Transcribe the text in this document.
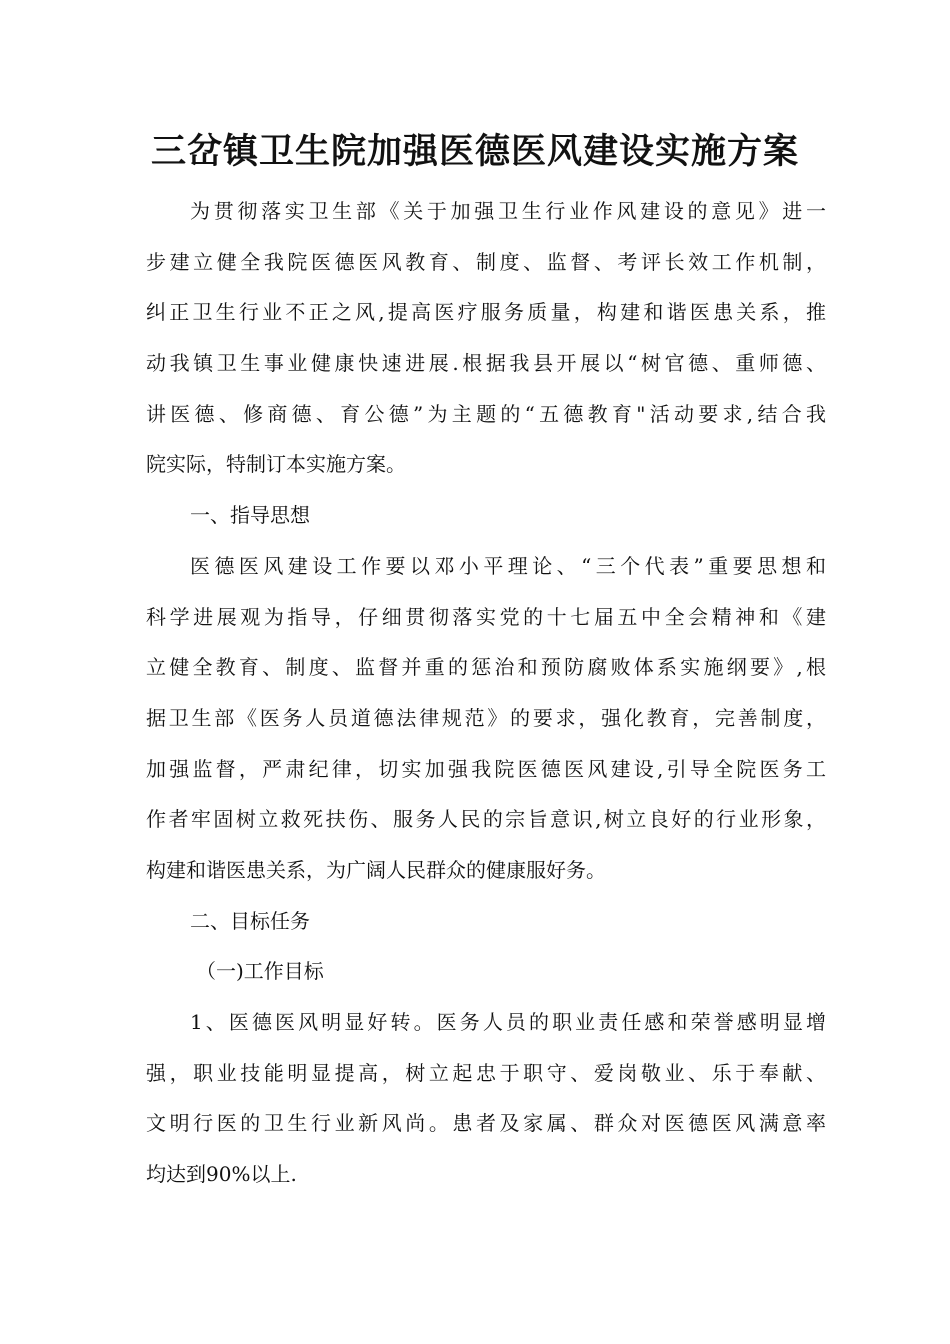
三岔镇卫生院加强医德医风建设实施方案
为贯彻落实卫生部《关于加强卫生行业作风建设的意见》进一
步建立健全我院医德医风教育、制度、监督、考评长效工作机制，
纠正卫生行业不正之风,提高医疗服务质量，构建和谐医患关系，推
动我镇卫生事业健康快速进展.根据我县开展以“树官德、重师德、
讲医德、修商德、育公德”为主题的“五德教育"活动要求,结合我
院实际，特制订本实施方案。
一、指导思想
医德医风建设工作要以邓小平理论、“三个代表”重要思想和
科学进展观为指导，仔细贯彻落实党的十七届五中全会精神和《建
立健全教育、制度、监督并重的惩治和预防腐败体系实施纲要》,根
据卫生部《医务人员道德法律规范》的要求，强化教育，完善制度，
加强监督，严肃纪律，切实加强我院医德医风建设,引导全院医务工
作者牢固树立救死扶伤、服务人民的宗旨意识,树立良好的行业形象，
构建和谐医患关系，为广阔人民群众的健康服好务。
二、目标任务
（一)工作目标
1、医德医风明显好转。医务人员的职业责任感和荣誉感明显增
强，职业技能明显提高，树立起忠于职守、爱岗敬业、乐于奉献、
文明行医的卫生行业新风尚。患者及家属、群众对医德医风满意率
均达到90%以上.
